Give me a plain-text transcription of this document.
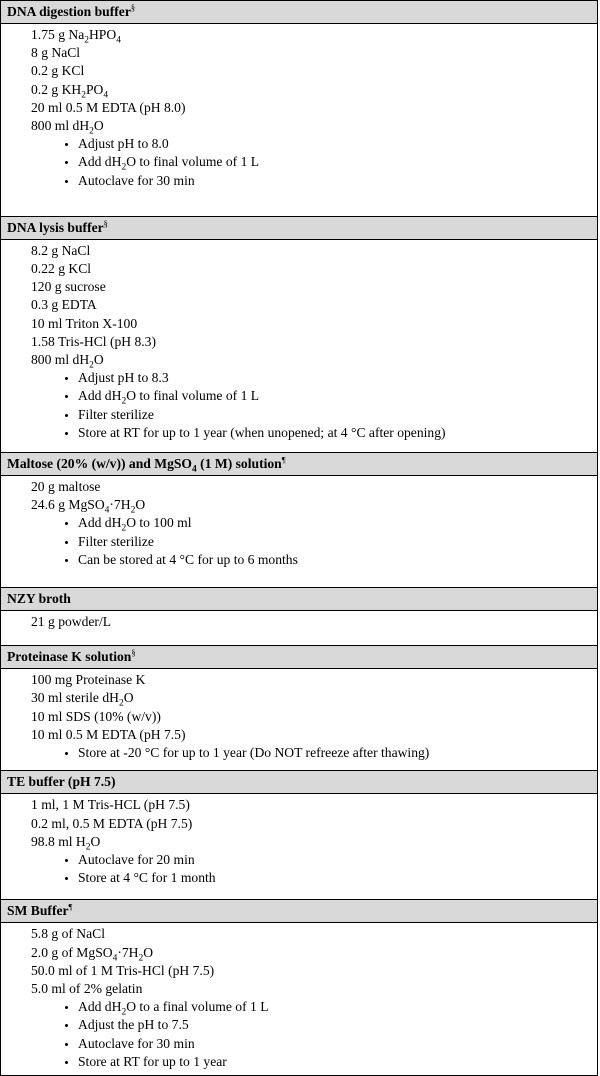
DNA digestion buffer§
1.75 g $Na_2HPO_4$
8 g NaCl
0.2 g KCl
0.2 g $KH_2PO_4$
20 ml 0.5 M EDTA (pH 8.0)
800 ml $dH_2O$
• Adjust pH to 8.0
• Add $dH_2O$ to final volume of 1 L
• Autoclave for 30 min
DNA lysis buffer§
8.2 g NaCl
0.22 g KCl
120 g sucrose
0.3 g EDTA
10 ml Triton X-100
1.58 Tris-HCl (pH 8.3)
800 ml $dH_2O$
• Adjust pH to 8.3
• Add $dH_2O$ to final volume of 1 L
• Filter sterilize
• Store at RT for up to 1 year (when unopened; at 4 °C after opening)
Maltose (20% (w/v)) and MgSO$_4$ (1 M) solution¶
20 g maltose
24.6 g $MgSO_4\cdot 7H_2O$
• Add $dH_2O$ to 100 ml
• Filter sterilize
• Can be stored at 4 °C for up to 6 months
NZY broth
21 g powder/L
Proteinase K solution§
100 mg Proteinase K
30 ml sterile $dH_2O$
10 ml SDS (10% (w/v))
10 ml 0.5 M EDTA (pH 7.5)
• Store at -20 °C for up to 1 year (Do NOT refreeze after thawing)
TE buffer (pH 7.5)
1 ml, 1 M Tris-HCL (pH 7.5)
0.2 ml, 0.5 M EDTA (pH 7.5)
98.8 ml $H_2O$
• Autoclave for 20 min
• Store at 4 °C for 1 month
SM Buffer¶
5.8 g of NaCl
2.0 g of $MgSO_4\cdot 7H_2O$
50.0 ml of 1 M Tris-HCl (pH 7.5)
5.0 ml of 2% gelatin
• Add $dH_2O$ to a final volume of 1 L
• Adjust the pH to 7.5
• Autoclave for 30 min
• Store at RT for up to 1 year
